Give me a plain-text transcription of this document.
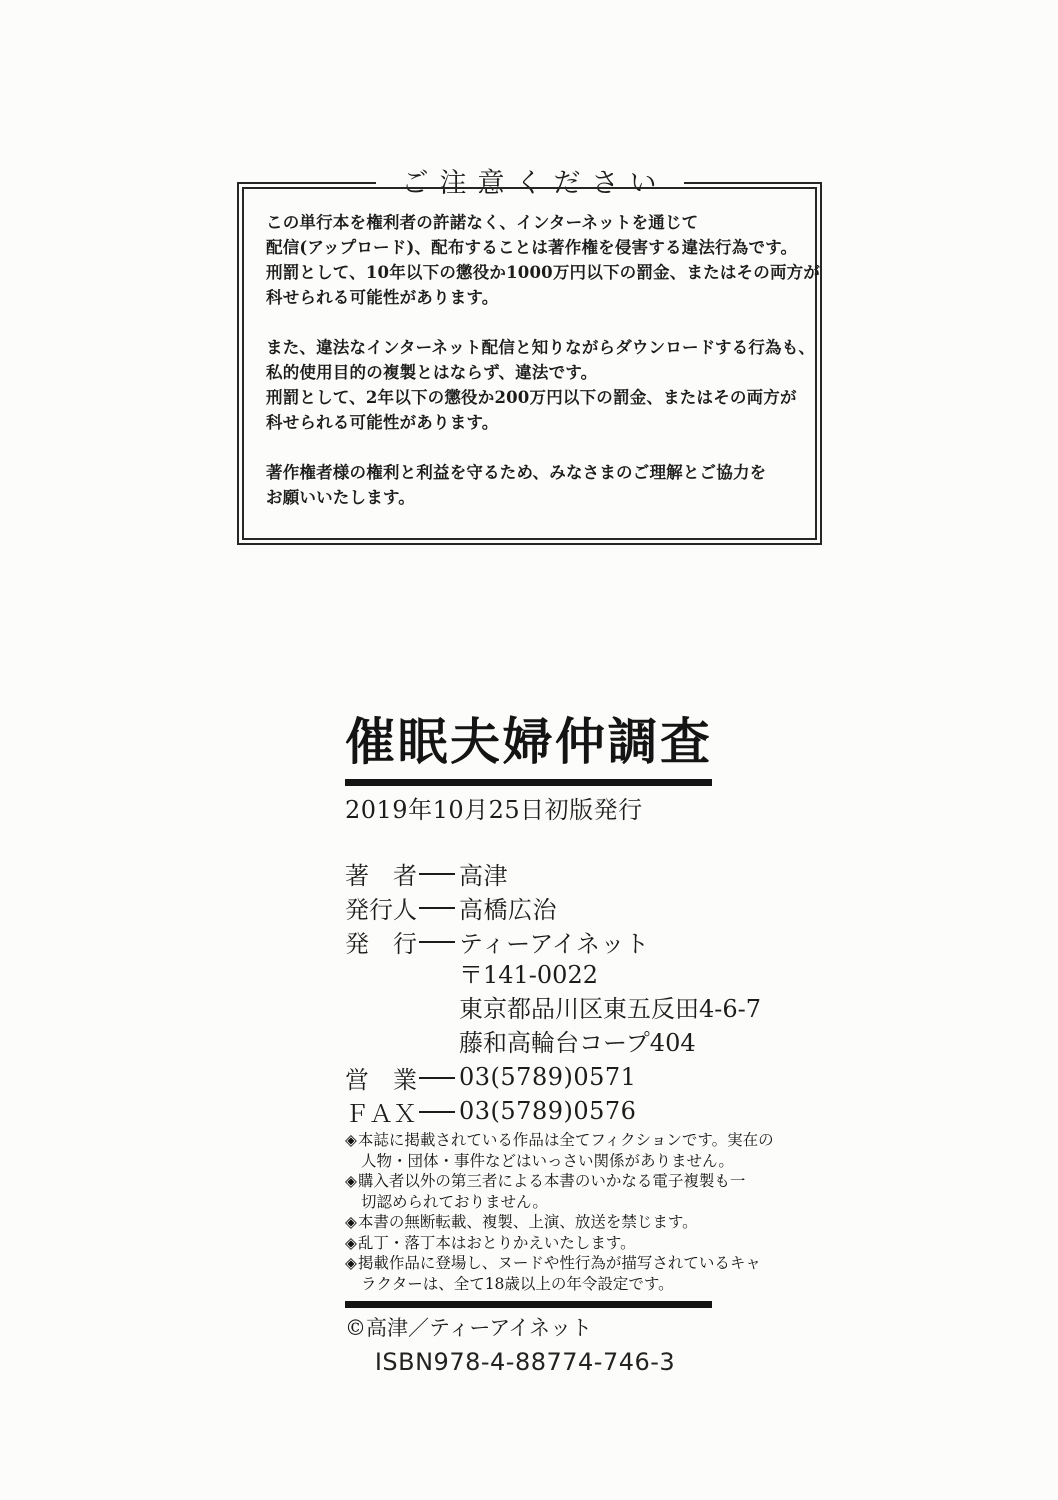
ご注意ください
この単行本を権利者の許諾なく、インターネットを通じて
配信(アップロード)、配布することは著作権を侵害する違法行為です。
刑罰として、10年以下の懲役か1000万円以下の罰金、またはその両方が
科せられる可能性があります。
また、違法なインターネット配信と知りながらダウンロードする行為も、
私的使用目的の複製とはならず、違法です。
刑罰として、2年以下の懲役か200万円以下の罰金、またはその両方が
科せられる可能性があります。
著作権者様の権利と利益を守るため、みなさまのご理解とご協力を
お願いいたします。
催眠夫婦仲調査
2019年10月25日初版発行
著　者 高津
発行人 高橋広治
発　行 ティーアイネット
〒141-0022
東京都品川区東五反田4-6-7
藤和高輪台コープ404
営　業 03(5789)0571
ＦＡＸ 03(5789)0576
◈本誌に掲載されている作品は全てフィクションです。実在の
人物・団体・事件などはいっさい関係がありません。
◈購入者以外の第三者による本書のいかなる電子複製も一
切認められておりません。
◈本書の無断転載、複製、上演、放送を禁じます。
◈乱丁・落丁本はおとりかえいたします。
◈掲載作品に登場し、ヌードや性行為が描写されているキャ
ラクターは、全て18歳以上の年令設定です。
©高津／ティーアイネット
ISBN978-4-88774-746-3
